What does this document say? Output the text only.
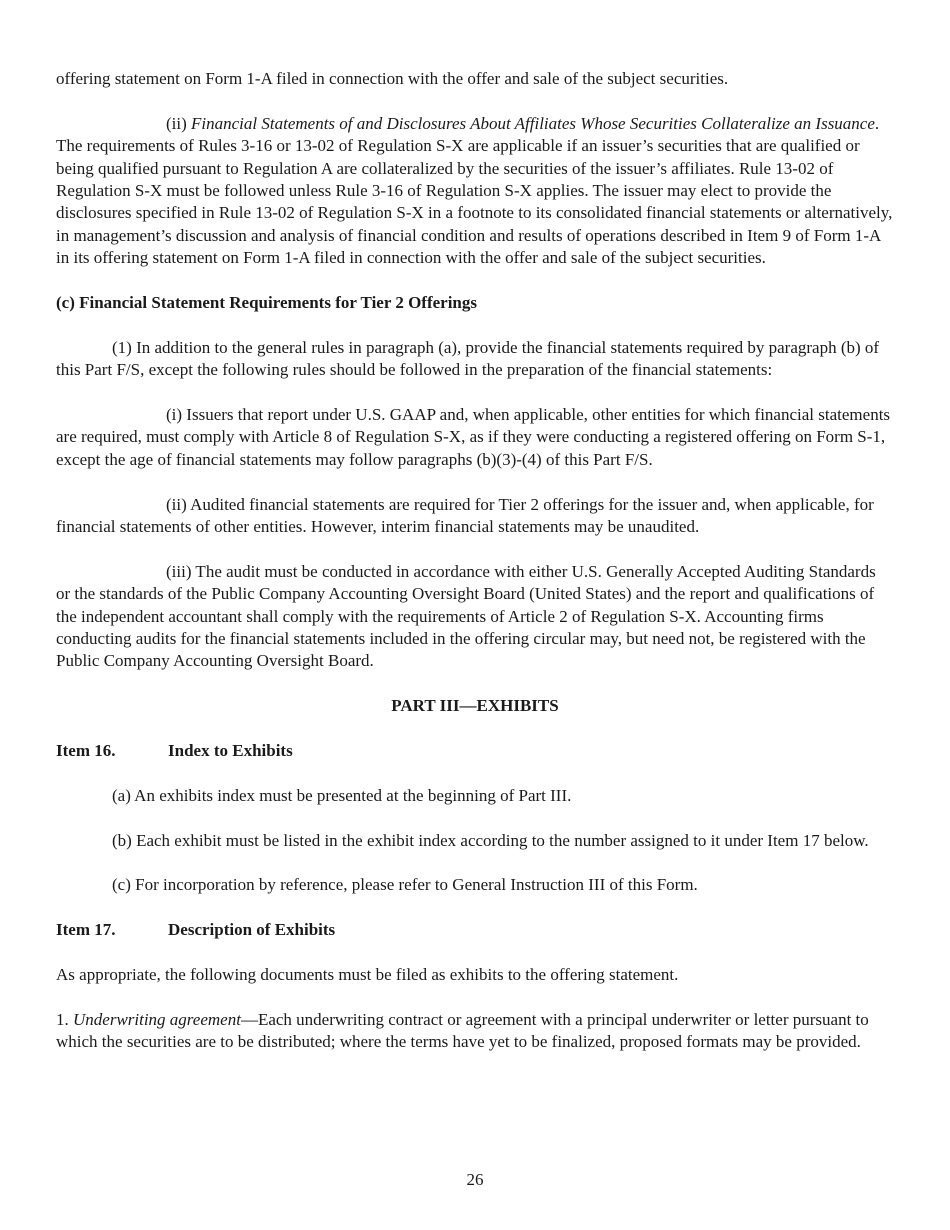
offering statement on Form 1-A filed in connection with the offer and sale of the subject securities.

(ii) Financial Statements of and Disclosures About Affiliates Whose Securities Collateralize an Issuance. The requirements of Rules 3-16 or 13-02 of Regulation S-X are applicable if an issuer’s securities that are qualified or being qualified pursuant to Regulation A are collateralized by the securities of the issuer’s affiliates. Rule 13-02 of Regulation S-X must be followed unless Rule 3-16 of Regulation S-X applies. The issuer may elect to provide the disclosures specified in Rule 13-02 of Regulation S-X in a footnote to its consolidated financial statements or alternatively, in management’s discussion and analysis of financial condition and results of operations described in Item 9 of Form 1-A in its offering statement on Form 1-A filed in connection with the offer and sale of the subject securities.

(c) Financial Statement Requirements for Tier 2 Offerings

(1) In addition to the general rules in paragraph (a), provide the financial statements required by paragraph (b) of this Part F/S, except the following rules should be followed in the preparation of the financial statements:

(i) Issuers that report under U.S. GAAP and, when applicable, other entities for which financial statements are required, must comply with Article 8 of Regulation S-X, as if they were conducting a registered offering on Form S-1, except the age of financial statements may follow paragraphs (b)(3)-(4) of this Part F/S.

(ii) Audited financial statements are required for Tier 2 offerings for the issuer and, when applicable, for financial statements of other entities. However, interim financial statements may be unaudited.

(iii) The audit must be conducted in accordance with either U.S. Generally Accepted Auditing Standards or the standards of the Public Company Accounting Oversight Board (United States) and the report and qualifications of the independent accountant shall comply with the requirements of Article 2 of Regulation S-X. Accounting firms conducting audits for the financial statements included in the offering circular may, but need not, be registered with the Public Company Accounting Oversight Board.

PART III—EXHIBITS

Item 16.	Index to Exhibits

(a) An exhibits index must be presented at the beginning of Part III.

(b) Each exhibit must be listed in the exhibit index according to the number assigned to it under Item 17 below.

(c) For incorporation by reference, please refer to General Instruction III of this Form.

Item 17.	Description of Exhibits

As appropriate, the following documents must be filed as exhibits to the offering statement.

1. Underwriting agreement—Each underwriting contract or agreement with a principal underwriter or letter pursuant to which the securities are to be distributed; where the terms have yet to be finalized, proposed formats may be provided.

26
